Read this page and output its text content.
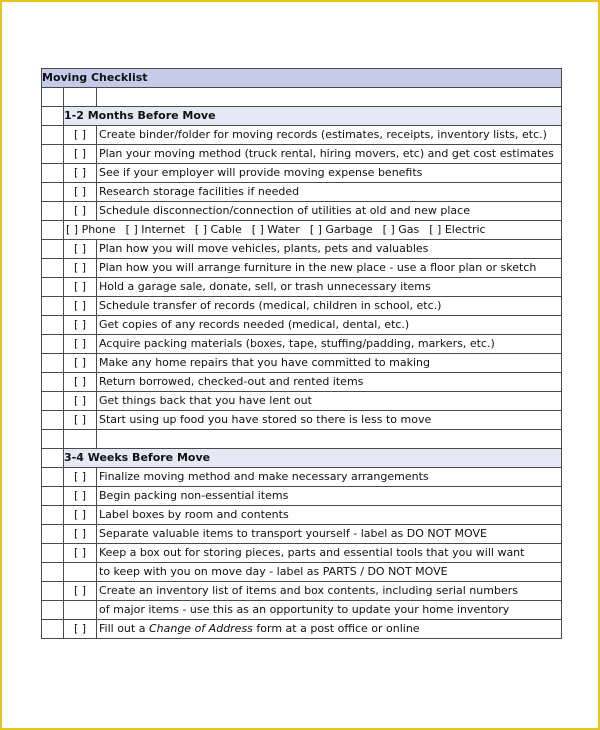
Moving Checklist		

	1-2 Months Before Move	
	[ ]	Create binder/folder for moving records (estimates, receipts, inventory lists, etc.)
	[ ]	Plan your moving method (truck rental, hiring movers, etc) and get cost estimates
	[ ]	See if your employer will provide moving expense benefits
	[ ]	Research storage facilities if needed
	[ ]	Schedule disconnection/connection of utilities at old and new place
	[ ] Phone [ ] Internet [ ] Cable [ ] Water [ ] Garbage [ ] Gas [ ] Electric	
	[ ]	Plan how you will move vehicles, plants, pets and valuables
	[ ]	Plan how you will arrange furniture in the new place - use a floor plan or sketch
	[ ]	Hold a garage sale, donate, sell, or trash unnecessary items
	[ ]	Schedule transfer of records (medical, children in school, etc.)
	[ ]	Get copies of any records needed (medical, dental, etc.)
	[ ]	Acquire packing materials (boxes, tape, stuffing/padding, markers, etc.)
	[ ]	Make any home repairs that you have committed to making
	[ ]	Return borrowed, checked-out and rented items
	[ ]	Get things back that you have lent out
	[ ]	Start using up food you have stored so there is less to move

	3-4 Weeks Before Move	
	[ ]	Finalize moving method and make necessary arrangements
	[ ]	Begin packing non-essential items
	[ ]	Label boxes by room and contents
	[ ]	Separate valuable items to transport yourself - label as DO NOT MOVE
	[ ]	Keep a box out for storing pieces, parts and essential tools that you will want
		to keep with you on move day - label as PARTS / DO NOT MOVE
	[ ]	Create an inventory list of items and box contents, including serial numbers
		of major items - use this as an opportunity to update your home inventory
	[ ]	Fill out a Change of Address form at a post office or online
